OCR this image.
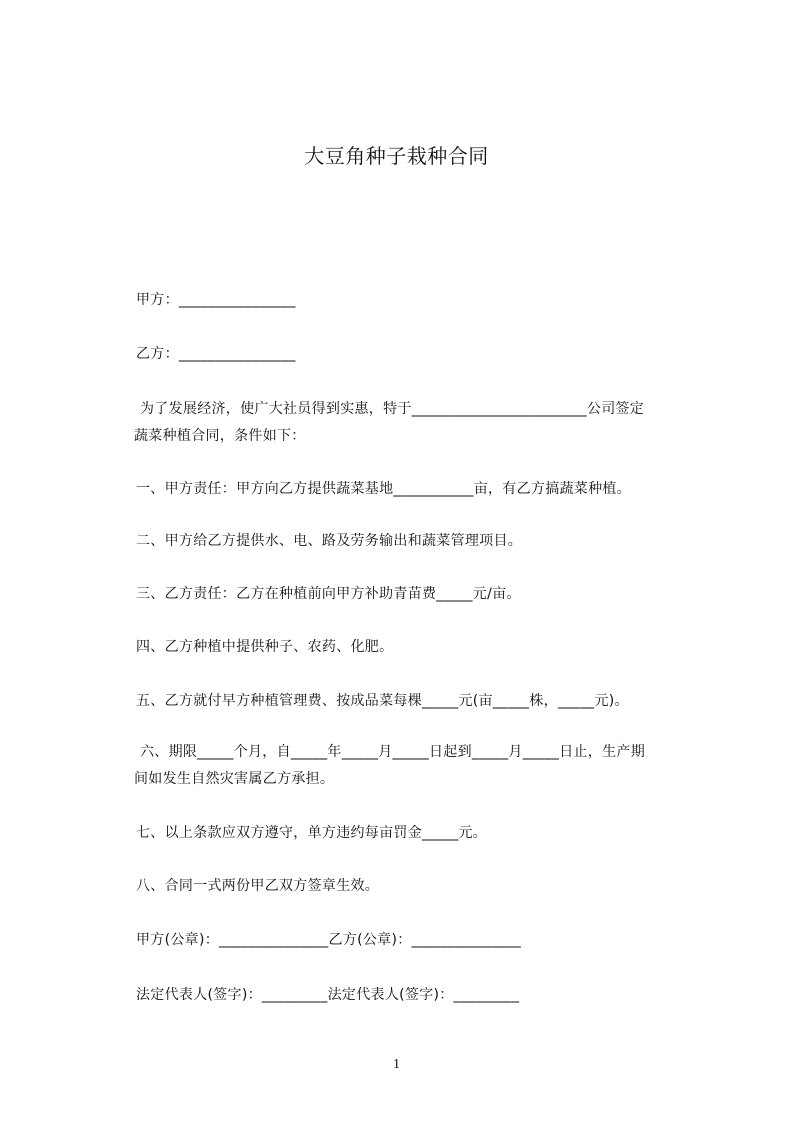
大豆角种子栽种合同
甲方：________________
乙方：________________
为了发展经济，使广大社员得到实惠，特于________________________公司签定
蔬菜种植合同，条件如下：
一、甲方责任：甲方向乙方提供蔬菜基地___________亩，有乙方搞蔬菜种植。
二、甲方给乙方提供水、电、路及劳务输出和蔬菜管理项目。
三、乙方责任：乙方在种植前向甲方补助青苗费_____元/亩。
四、乙方种植中提供种子、农药、化肥。
五、乙方就付早方种植管理费、按成品菜每棵_____元(亩_____株，_____元)。
六、期限_____个月，自_____年_____月_____日起到_____月_____日止，生产期
间如发生自然灾害属乙方承担。
七、以上条款应双方遵守，单方违约每亩罚金_____元。
八、合同一式两份甲乙双方签章生效。
甲方(公章)：_______________乙方(公章)：_______________
法定代表人(签字)：_________法定代表人(签字)：_________
1
